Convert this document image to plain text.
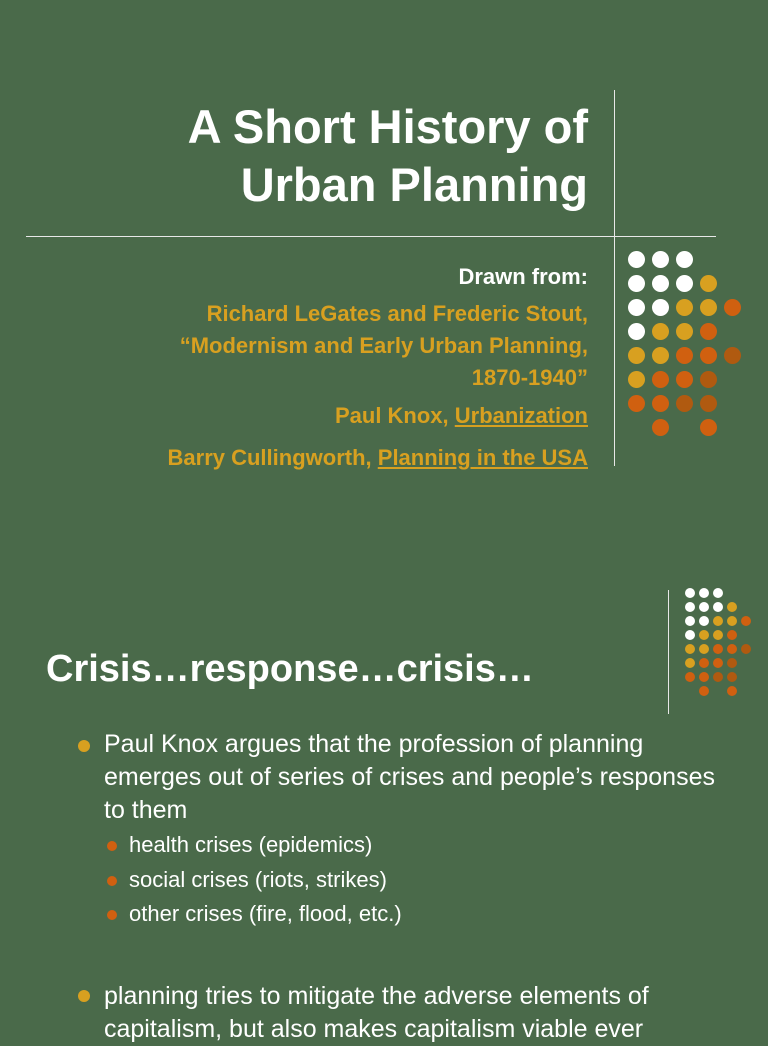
A Short History of
Urban Planning
Drawn from:
Richard LeGates and Frederic Stout,
“Modernism and Early Urban Planning,
1870-1940”
Paul Knox, Urbanization
Barry Cullingworth, Planning in the USA
Crisis…response…crisis…
Paul Knox argues that the profession of planning emerges out of series of crises and people’s responses to them
health crises (epidemics)
social crises (riots, strikes)
other crises (fire, flood, etc.)
planning tries to mitigate the adverse elements of capitalism, but also makes capitalism viable ever
